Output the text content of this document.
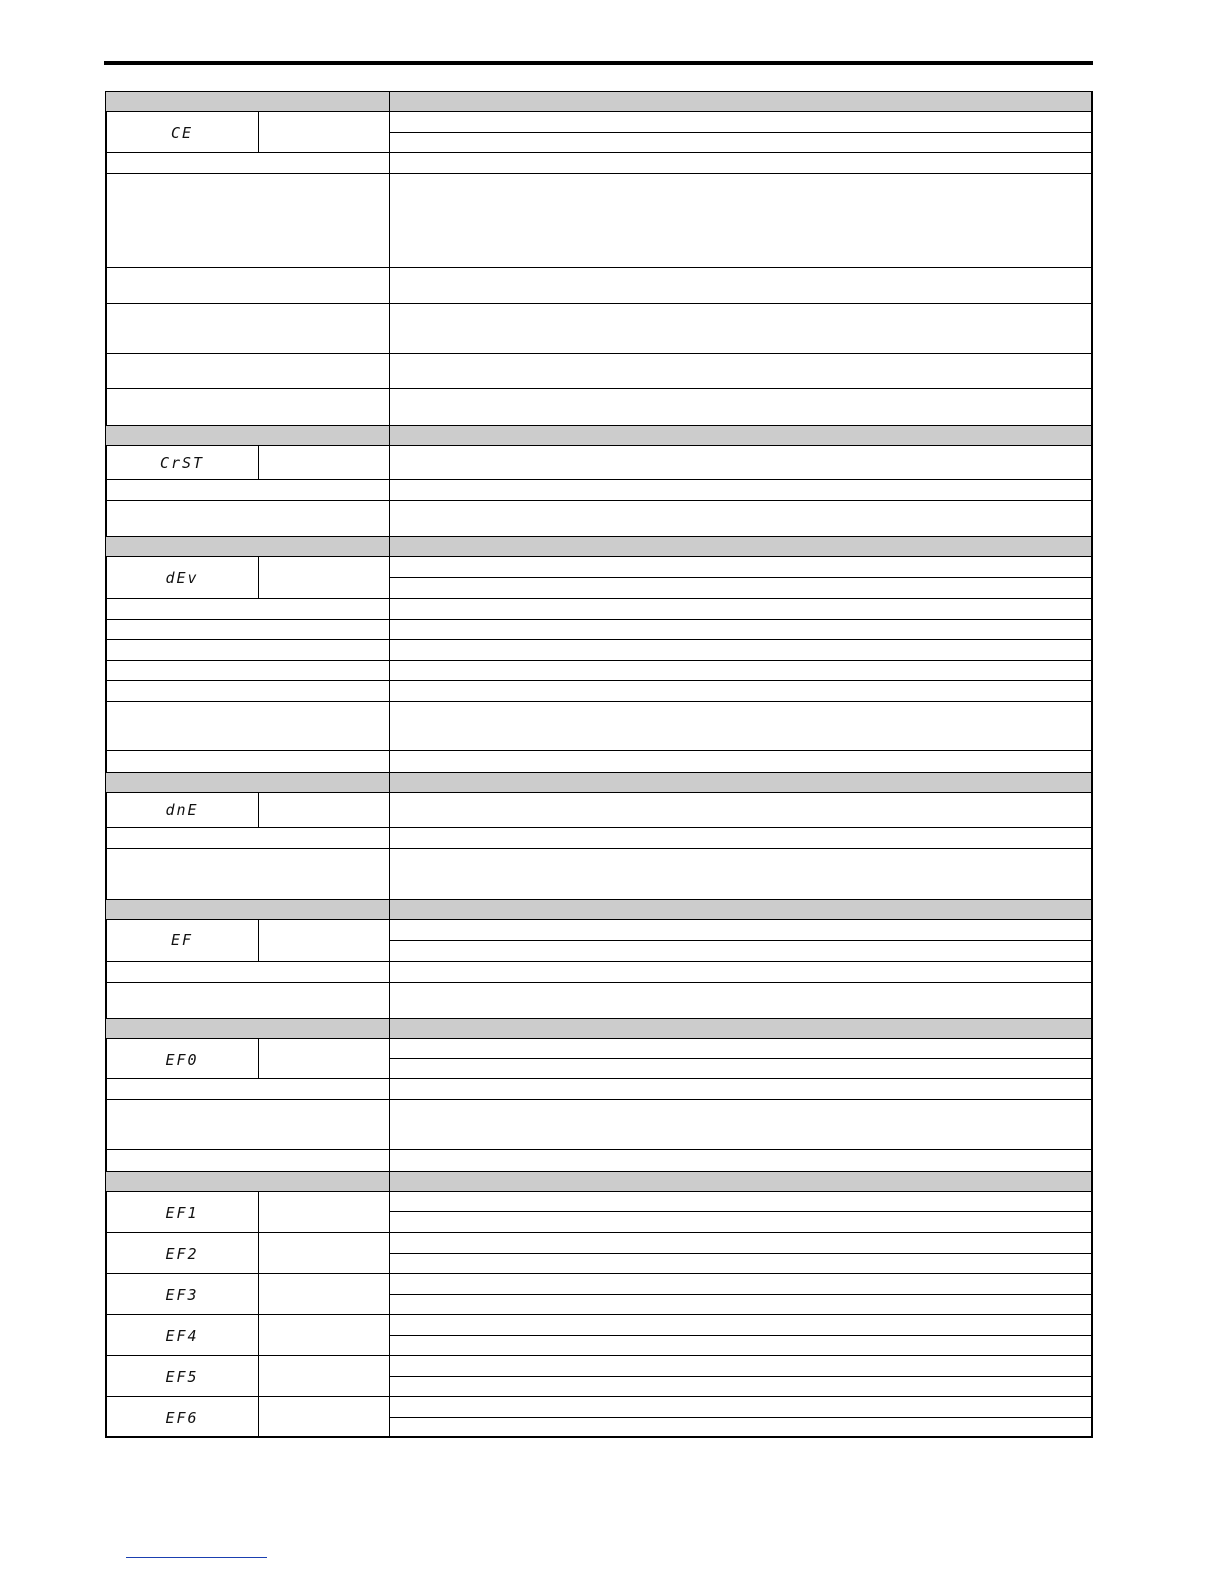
CE
CrST
dEv
dnE
EF
EF0
EF1
EF2
EF3
EF4
EF5
EF6
